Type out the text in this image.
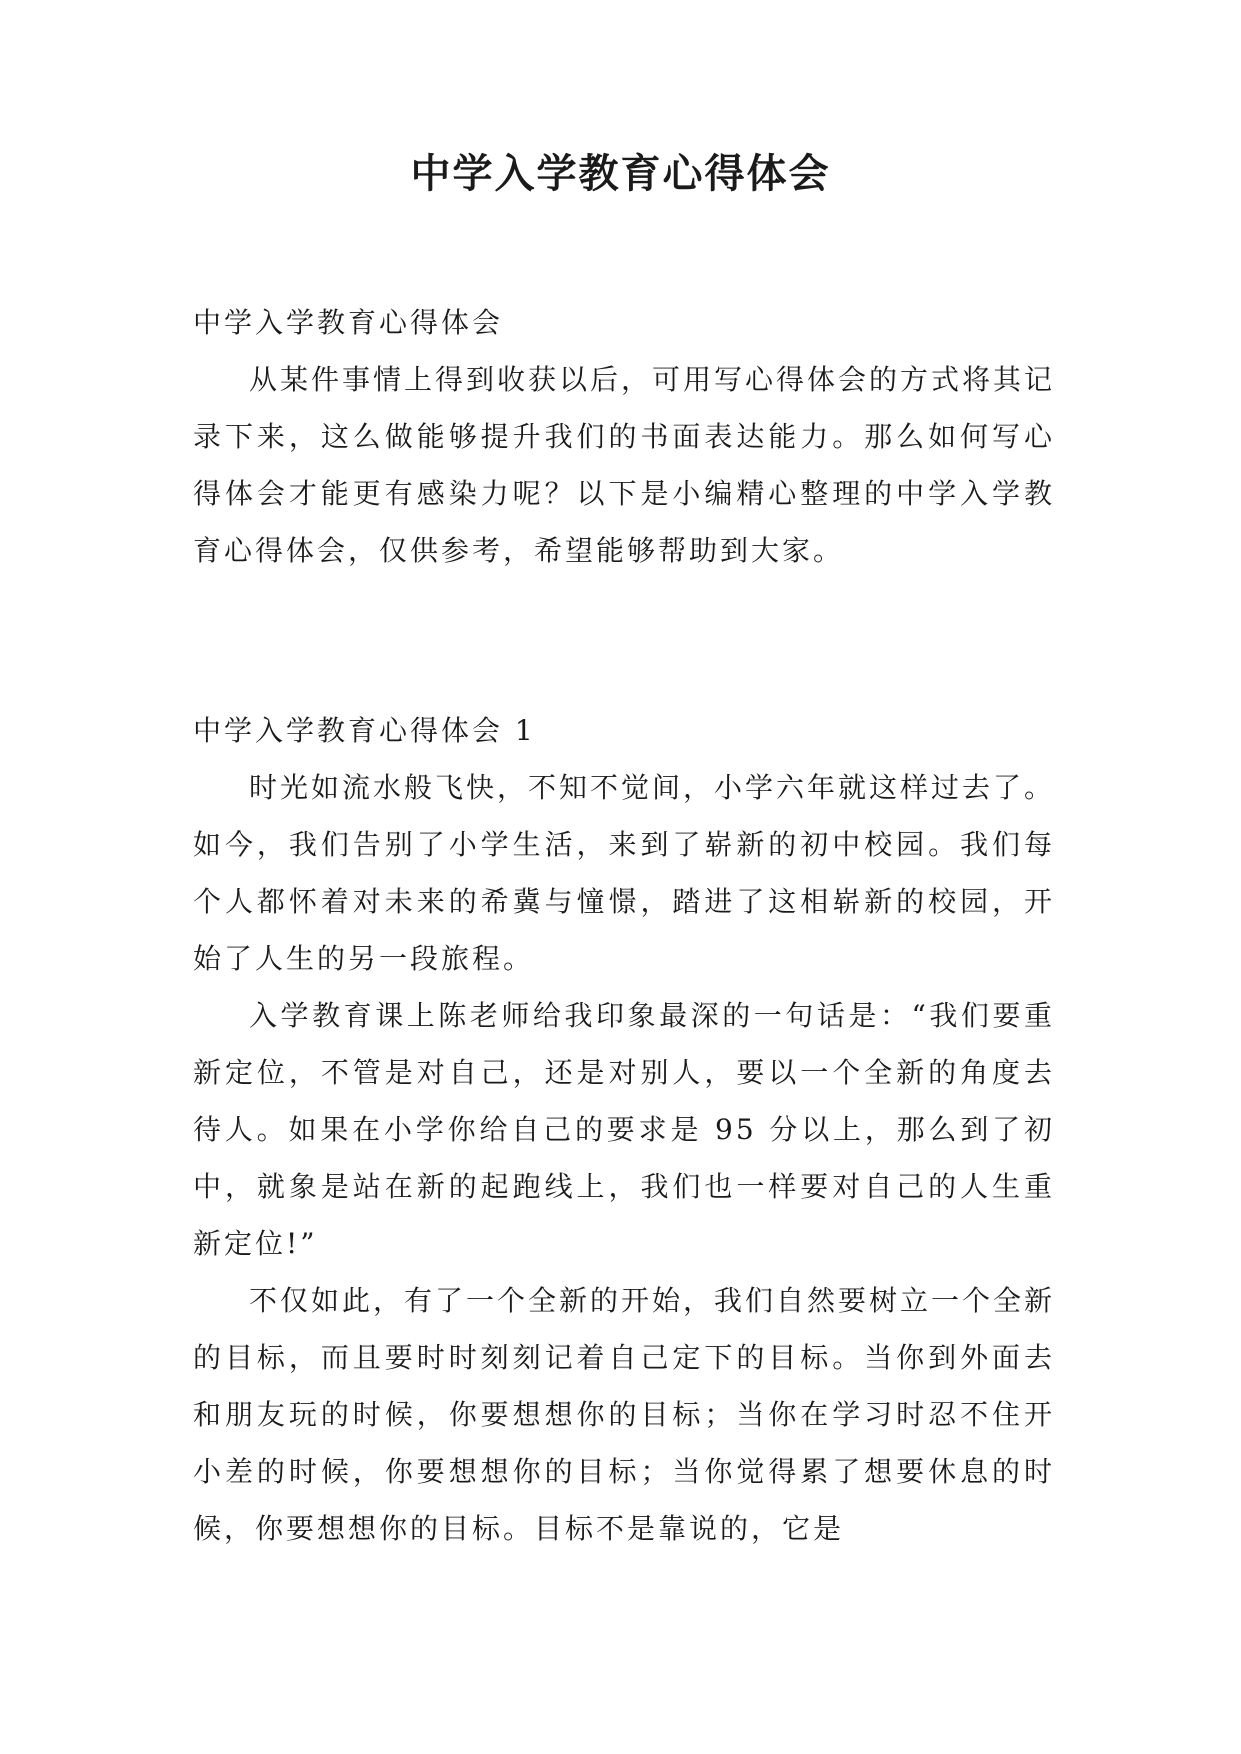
中学入学教育心得体会

中学入学教育心得体会

从某件事情上得到收获以后，可用写心得体会的方式将其记录下来，这么做能够提升我们的书面表达能力。那么如何写心得体会才能更有感染力呢？以下是小编精心整理的中学入学教育心得体会，仅供参考，希望能够帮助到大家。

中学入学教育心得体会 1

时光如流水般飞快，不知不觉间，小学六年就这样过去了。如今，我们告别了小学生活，来到了崭新的初中校园。我们每个人都怀着对未来的希冀与憧憬，踏进了这相崭新的校园，开始了人生的另一段旅程。

入学教育课上陈老师给我印象最深的一句话是：“我们要重新定位，不管是对自己，还是对别人，要以一个全新的角度去待人。如果在小学你给自己的要求是 95 分以上，那么到了初中，就象是站在新的起跑线上，我们也一样要对自己的人生重新定位!”

不仅如此，有了一个全新的开始，我们自然要树立一个全新的目标，而且要时时刻刻记着自己定下的目标。当你到外面去和朋友玩的时候，你要想想你的目标；当你在学习时忍不住开小差的时候，你要想想你的目标；当你觉得累了想要休息的时候，你要想想你的目标。目标不是靠说的，它是
